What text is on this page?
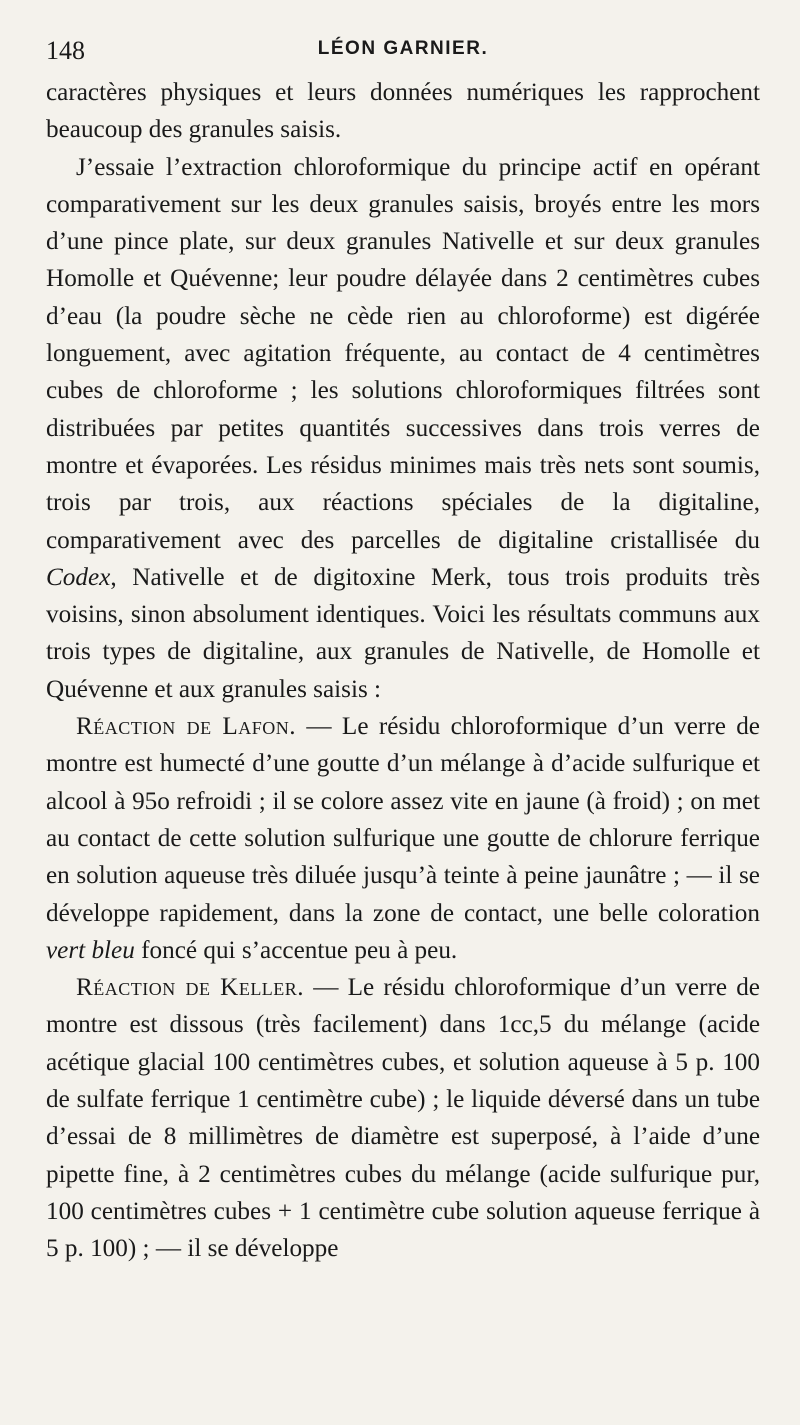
148	LÉON GARNIER.

caractères physiques et leurs données numériques les rapprochent beaucoup des granules saisis.

J’essaie l’extraction chloroformique du principe actif en opérant comparativement sur les deux granules saisis, broyés entre les mors d’une pince plate, sur deux granules Nativelle et sur deux granules Homolle et Quévenne; leur poudre délayée dans 2 centimètres cubes d’eau (la poudre sèche ne cède rien au chloroforme) est digérée longuement, avec agitation fréquente, au contact de 4 centimètres cubes de chloroforme ; les solutions chloroformiques filtrées sont distribuées par petites quantités successives dans trois verres de montre et évaporées. Les résidus minimes mais très nets sont soumis, trois par trois, aux réactions spéciales de la digitaline, comparativement avec des parcelles de digitaline cristallisée du Codex, Nativelle et de digitoxine Merk, tous trois produits très voisins, sinon absolument identiques. Voici les résultats communs aux trois types de digitaline, aux granules de Nativelle, de Homolle et Quévenne et aux granules saisis :

Réaction de Lafon. — Le résidu chloroformique d’un verre de montre est humecté d’une goutte d’un mélange à d’acide sulfurique et alcool à 95o refroidi ; il se colore assez vite en jaune (à froid) ; on met au contact de cette solution sulfurique une goutte de chlorure ferrique en solution aqueuse très diluée jusqu’à teinte à peine jaunâtre ; — il se développe rapidement, dans la zone de contact, une belle coloration vert bleu foncé qui s’accentue peu à peu.

Réaction de Keller. — Le résidu chloroformique d’un verre de montre est dissous (très facilement) dans 1cc,5 du mélange (acide acétique glacial 100 centimètres cubes, et solution aqueuse à 5 p. 100 de sulfate ferrique 1 centimètre cube) ; le liquide déversé dans un tube d’essai de 8 millimètres de diamètre est superposé, à l’aide d’une pipette fine, à 2 centimètres cubes du mélange (acide sulfurique pur, 100 centimètres cubes + 1 centimètre cube solution aqueuse ferrique à 5 p. 100) ; — il se développe
